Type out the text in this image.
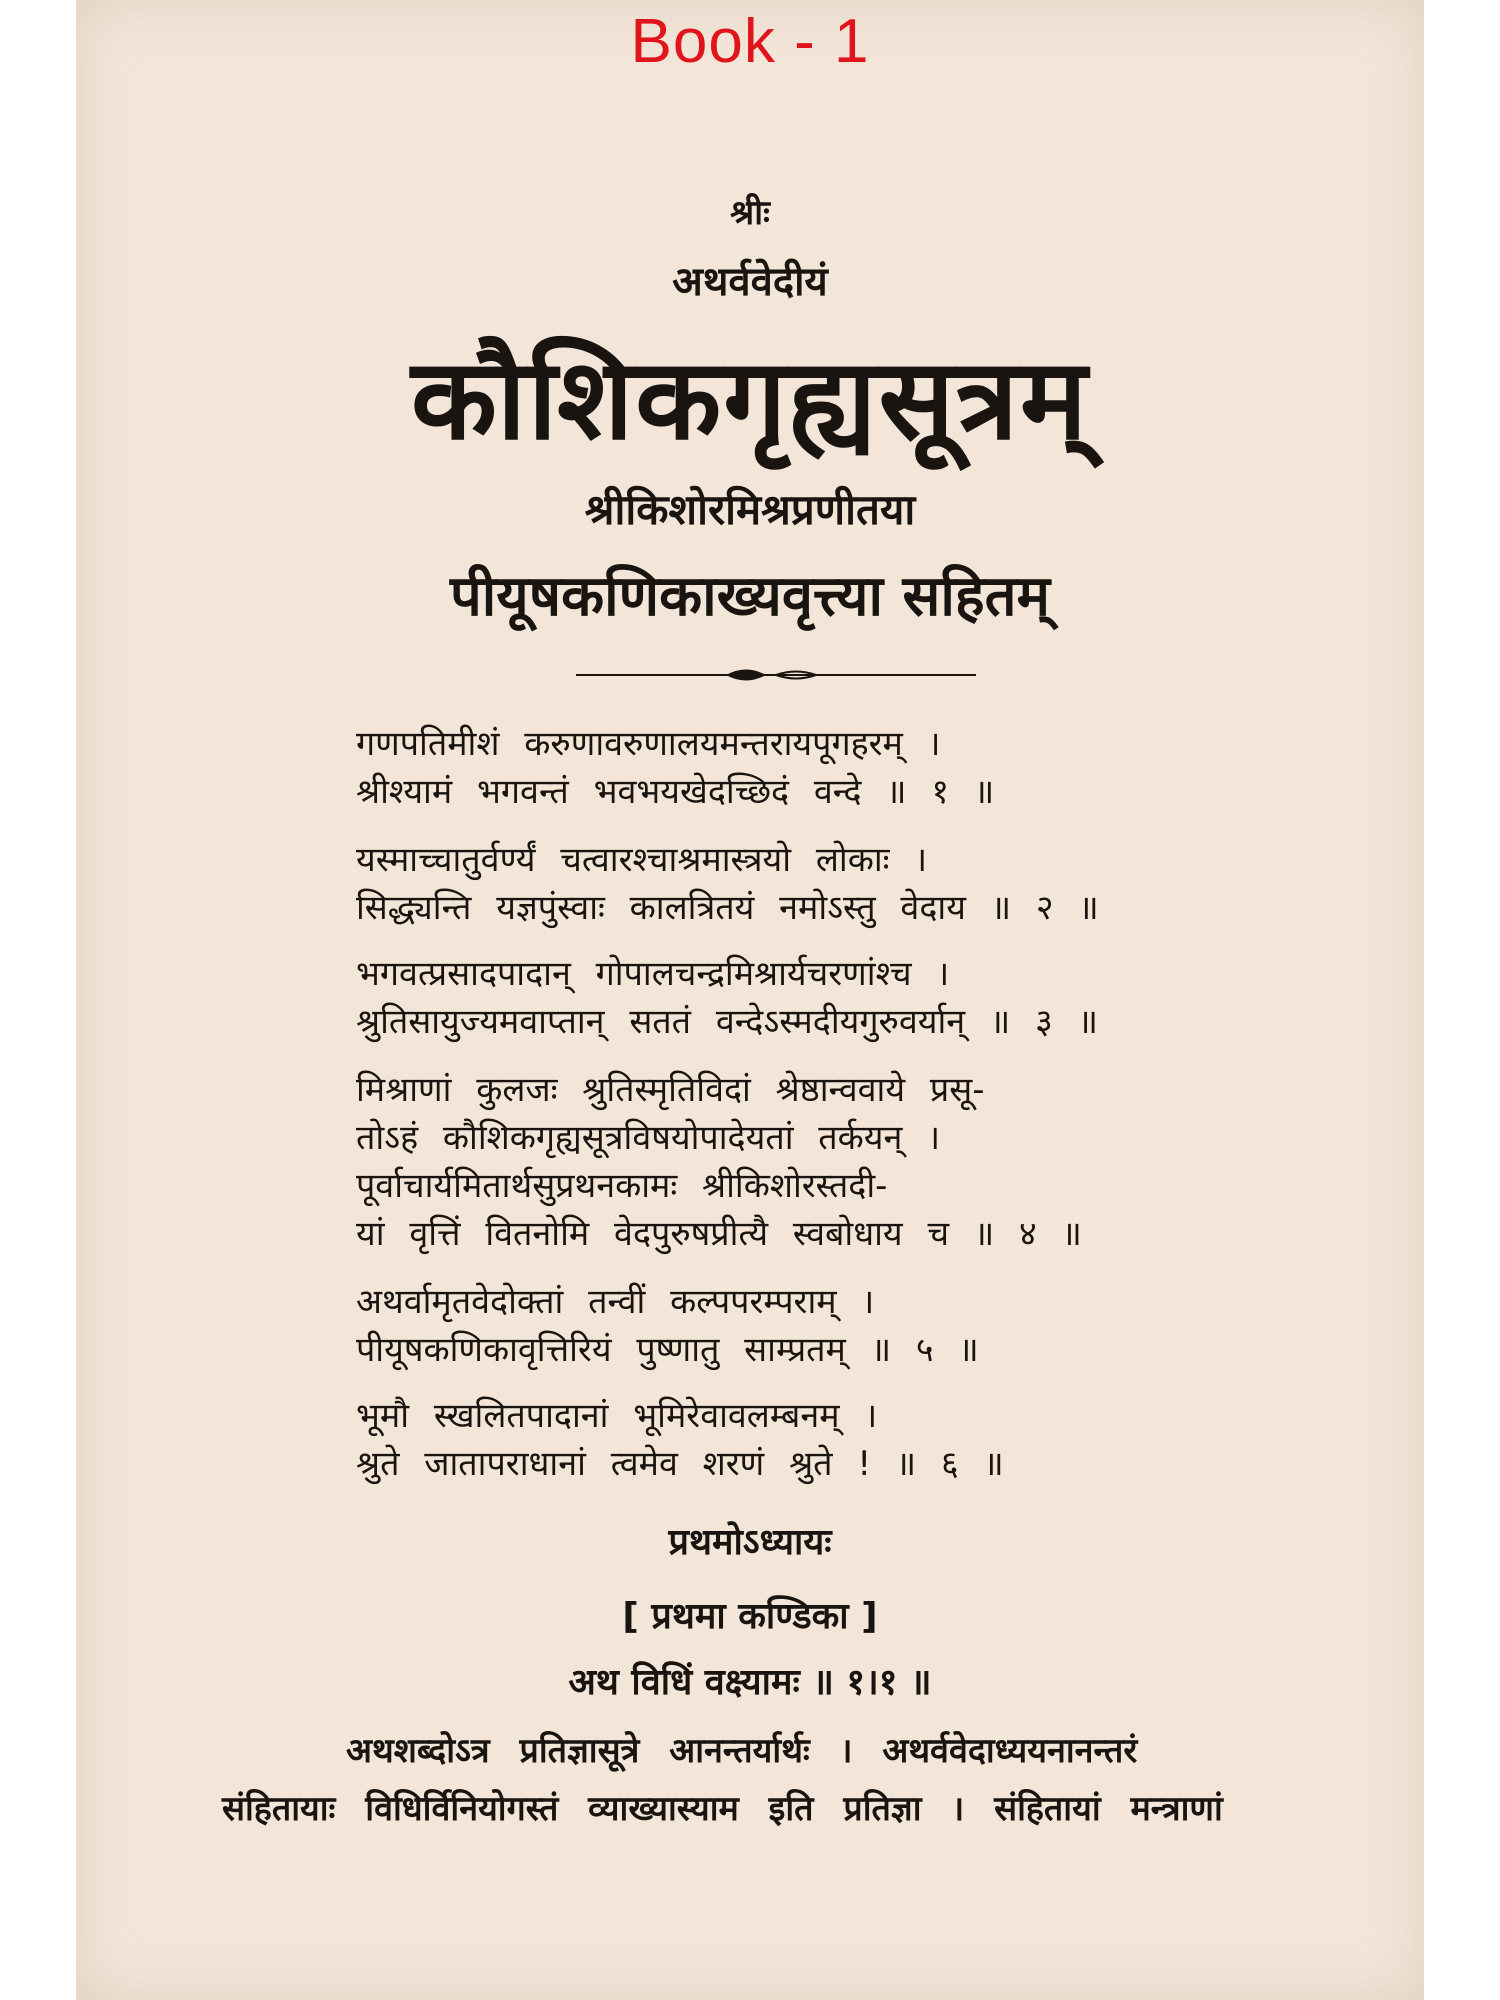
Book - 1
श्रीः
अथर्ववेदीयं
कौशिकगृह्यसूत्रम्
श्रीकिशोरमिश्रप्रणीतया
पीयूषकणिकाख्यवृत्त्या सहितम्
गणपतिमीशं करुणावरुणालयमन्तरायपूगहरम् ।
श्रीश्यामं भगवन्तं भवभयखेदच्छिदं वन्दे ॥ १ ॥
यस्माच्चातुर्वर्ण्यं चत्वारश्चाश्रमास्त्रयो लोकाः ।
सिद्ध्यन्ति यज्ञपुंस्वाः कालत्रितयं नमोऽस्तु वेदाय ॥ २ ॥
भगवत्प्रसादपादान् गोपालचन्द्रमिश्रार्यचरणांश्च ।
श्रुतिसायुज्यमवाप्तान् सततं वन्देऽस्मदीयगुरुवर्यान् ॥ ३ ॥
मिश्राणां कुलजः श्रुतिस्मृतिविदां श्रेष्ठान्ववाये प्रसू-
तोऽहं कौशिकगृह्यसूत्रविषयोपादेयतां तर्कयन् ।
पूर्वाचार्यमितार्थसुप्रथनकामः श्रीकिशोरस्तदी-
यां वृत्तिं वितनोमि वेदपुरुषप्रीत्यै स्वबोधाय च ॥ ४ ॥
अथर्वामृतवेदोक्तां तन्वीं कल्पपरम्पराम् ।
पीयूषकणिकावृत्तिरियं पुष्णातु साम्प्रतम् ॥ ५ ॥
भूमौ स्खलितपादानां भूमिरेवावलम्बनम् ।
श्रुते जातापराधानां त्वमेव शरणं श्रुते ! ॥ ६ ॥
प्रथमोऽध्यायः
[ प्रथमा कण्डिका ]
अथ विधिं वक्ष्यामः ॥ १।१ ॥
अथशब्दोऽत्र प्रतिज्ञासूत्रे आनन्तर्यार्थः । अथर्ववेदाध्ययनानन्तरं
संहितायाः विधिर्विनियोगस्तं व्याख्यास्याम इति प्रतिज्ञा । संहितायां मन्त्राणां
